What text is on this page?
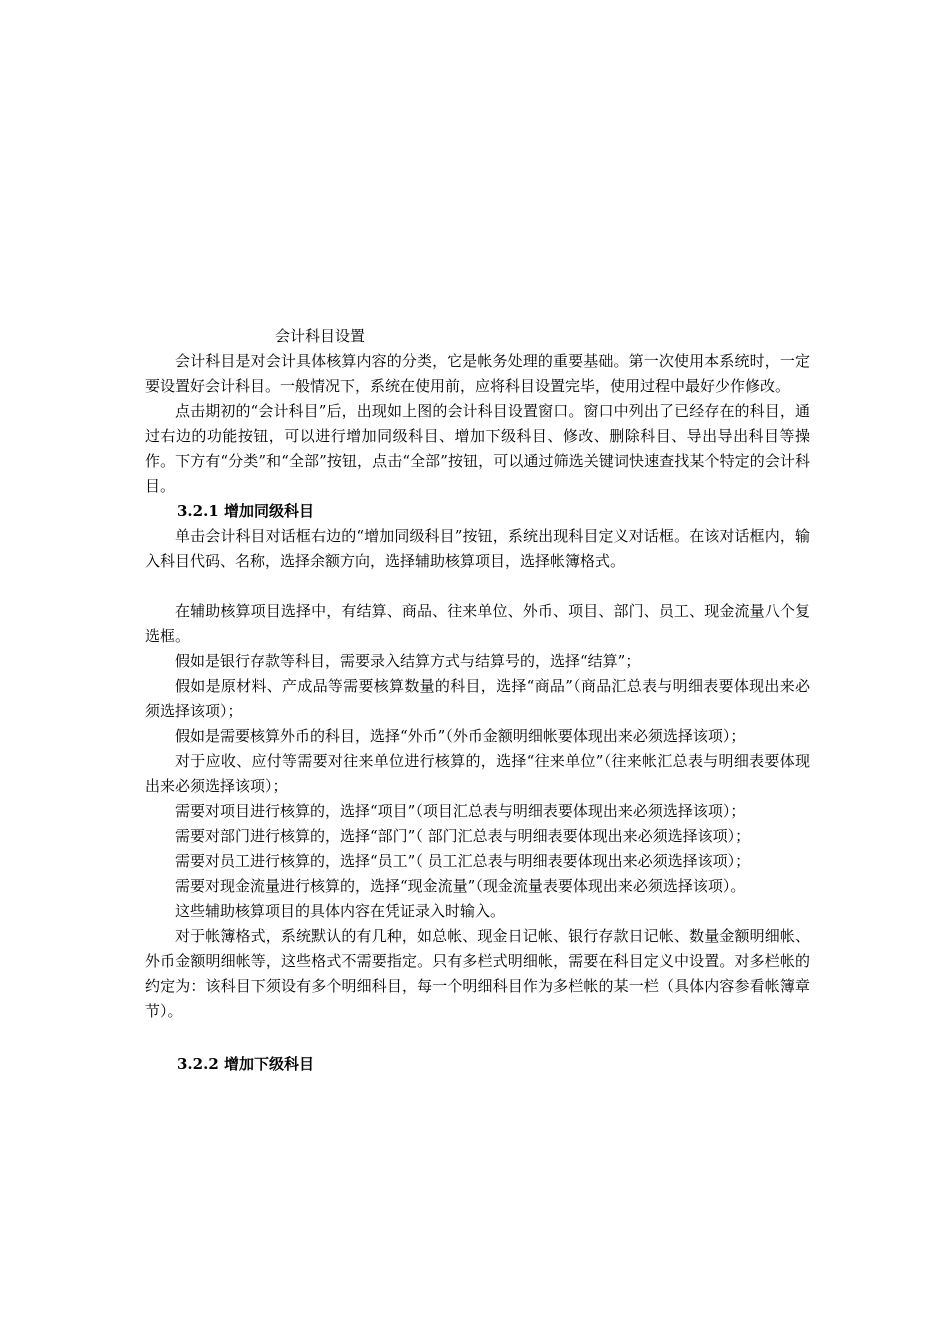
会计科目设置

会计科目是对会计具体核算内容的分类，它是帐务处理的重要基础。第一次使用本系统时，一定要设置好会计科目。一般情况下，系统在使用前，应将科目设置完毕，使用过程中最好少作修改。

点击期初的“会计科目”后，出现如上图的会计科目设置窗口。窗口中列出了已经存在的科目，通过右边的功能按钮，可以进行增加同级科目、增加下级科目、修改、删除科目、导出导出科目等操作。下方有“分类”和“全部”按钮，点击“全部”按钮，可以通过筛选关键词快速查找某个特定的会计科目。

3.2.1 增加同级科目

单击会计科目对话框右边的“增加同级科目”按钮，系统出现科目定义对话框。在该对话框内，输入科目代码、名称，选择余额方向，选择辅助核算项目，选择帐簿格式。

在辅助核算项目选择中，有结算、商品、往来单位、外币、项目、部门、员工、现金流量八个复选框。

假如是银行存款等科目，需要录入结算方式与结算号的，选择“结算”；

假如是原材料、产成品等需要核算数量的科目，选择“商品”（商品汇总表与明细表要体现出来必须选择该项）；

假如是需要核算外币的科目，选择“外币”（外币金额明细帐要体现出来必须选择该项）；

对于应收、应付等需要对往来单位进行核算的，选择“往来单位”（往来帐汇总表与明细表要体现出来必须选择该项）；

需要对项目进行核算的，选择“项目”（项目汇总表与明细表要体现出来必须选择该项）；

需要对部门进行核算的，选择“部门”（ 部门汇总表与明细表要体现出来必须选择该项）；

需要对员工进行核算的，选择“员工”（ 员工汇总表与明细表要体现出来必须选择该项）；

需要对现金流量进行核算的，选择“现金流量”（现金流量表要体现出来必须选择该项）。

这些辅助核算项目的具体内容在凭证录入时输入。

对于帐簿格式，系统默认的有几种，如总帐、现金日记帐、银行存款日记帐、数量金额明细帐、外币金额明细帐等，这些格式不需要指定。只有多栏式明细帐，需要在科目定义中设置。对多栏帐的约定为：该科目下须设有多个明细科目，每一个明细科目作为多栏帐的某一栏（具体内容参看帐簿章节）。

3.2.2 增加下级科目
